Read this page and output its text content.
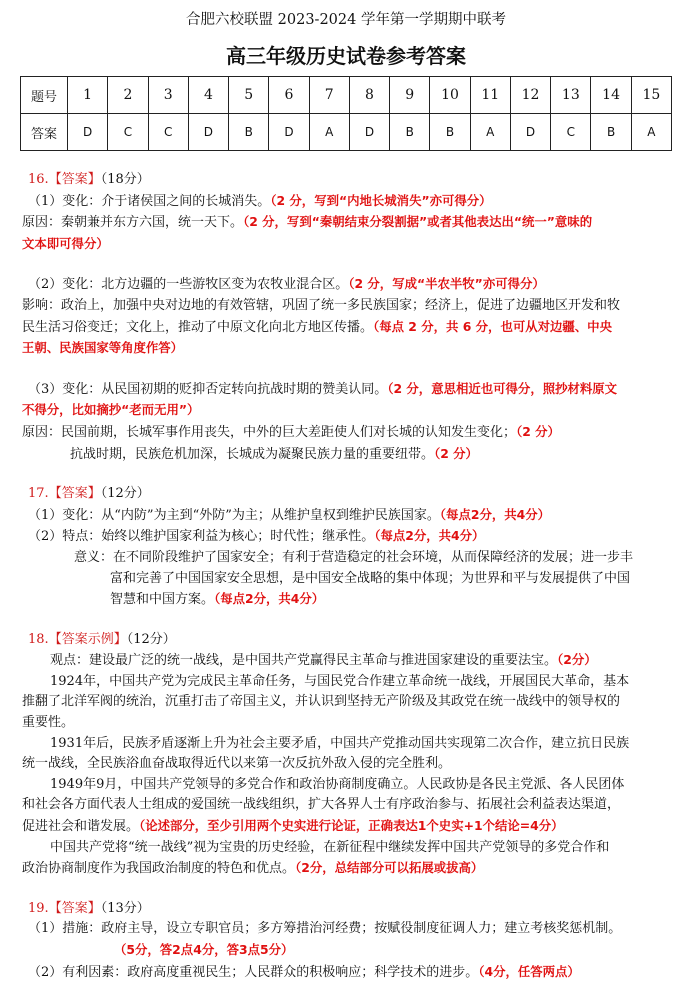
合肥六校联盟 2023-2024 学年第一学期期中联考
高三年级历史试卷参考答案
题号	1	2	3	4	5	6	7	8	9	10	11	12	13	14	15
答案	D	C	C	D	B	D	A	D	B	B	A	D	C	B	A
16.【答案】（18分）
（1）变化：介于诸侯国之间的长城消失。（2 分，写到“内地长城消失”亦可得分）
原因：秦朝兼并东方六国，统一天下。（2 分，写到“秦朝结束分裂割据”或者其他表达出“统一”意味的
文本即可得分）
（2）变化：北方边疆的一些游牧区变为农牧业混合区。（2 分，写成“半农半牧”亦可得分）
影响：政治上，加强中央对边地的有效管辖，巩固了统一多民族国家；经济上，促进了边疆地区开发和牧
民生活习俗变迁；文化上，推动了中原文化向北方地区传播。（每点 2 分，共 6 分，也可从对边疆、中央
王朝、民族国家等角度作答）
（3）变化：从民国初期的贬抑否定转向抗战时期的赞美认同。（2 分，意思相近也可得分，照抄材料原文
不得分，比如摘抄“老而无用”）
原因：民国前期，长城军事作用丧失，中外的巨大差距使人们对长城的认知发生变化；（2 分）
抗战时期，民族危机加深，长城成为凝聚民族力量的重要纽带。（2 分）
17.【答案】（12分）
（1）变化：从“内防”为主到“外防”为主；从维护皇权到维护民族国家。（每点2分，共4分）
（2）特点：始终以维护国家利益为核心；时代性；继承性。（每点2分，共4分）
意义：在不同阶段维护了国家安全；有利于营造稳定的社会环境，从而保障经济的发展；进一步丰
富和完善了中国国家安全思想，是中国安全战略的集中体现；为世界和平与发展提供了中国
智慧和中国方案。（每点2分，共4分）
18.【答案示例】（12分）
观点：建设最广泛的统一战线，是中国共产党赢得民主革命与推进国家建设的重要法宝。（2分）
1924年，中国共产党为完成民主革命任务，与国民党合作建立革命统一战线，开展国民大革命，基本
推翻了北洋军阀的统治，沉重打击了帝国主义，并认识到坚持无产阶级及其政党在统一战线中的领导权的
重要性。
1931年后，民族矛盾逐渐上升为社会主要矛盾，中国共产党推动国共实现第二次合作，建立抗日民族
统一战线，全民族浴血奋战取得近代以来第一次反抗外敌入侵的完全胜利。
1949年9月，中国共产党领导的多党合作和政治协商制度确立。人民政协是各民主党派、各人民团体
和社会各方面代表人士组成的爱国统一战线组织，扩大各界人士有序政治参与、拓展社会利益表达渠道，
促进社会和谐发展。（论述部分，至少引用两个史实进行论证，正确表达1个史实+1个结论=4分）
中国共产党将“统一战线”视为宝贵的历史经验，在新征程中继续发挥中国共产党领导的多党合作和
政治协商制度作为我国政治制度的特色和优点。（2分，总结部分可以拓展或拔高）
19.【答案】（13分）
（1）措施：政府主导，设立专职官员；多方筹措治河经费；按赋役制度征调人力；建立考核奖惩机制。
（5分，答2点4分，答3点5分）
（2）有利因素：政府高度重视民生；人民群众的积极响应；科学技术的进步。（4分，任答两点）
